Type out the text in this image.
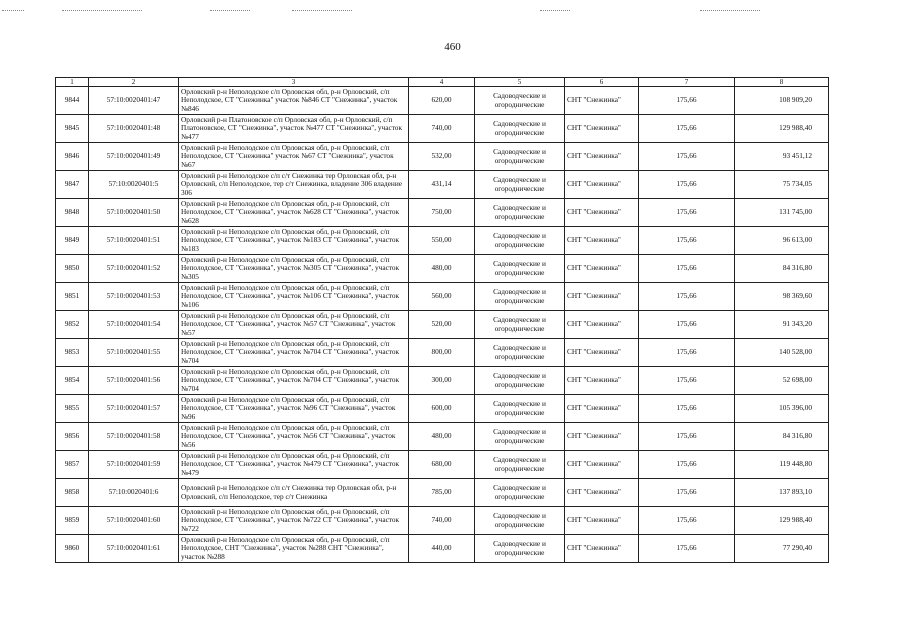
460
1	2	3	4	5	6	7	8
9844	57:10:0020401:47	Орловский р-н Неполодское с/п Орловская обл, р-н Орловский, с/п Неполодское, СТ "Снежинка" участок №846 СТ "Снежинка", участок №846	620,00	Садоводческие и огороднические	СНТ "Снежинка"	175,66	108 909,20
9845	57:10:0020401:48	Орловский р-н Платоновское с/п Орловская обл, р-н Орловский, с/п Платоновское, СТ "Снежинка", участок №477 СТ "Снежинка", участок №477	740,00	Садоводческие и огороднические	СНТ "Снежинка"	175,66	129 988,40
9846	57:10:0020401:49	Орловский р-н Неполодское с/п Орловская обл, р-н Орловский, с/п Неполодское, СТ "Снежинка" участок №67 СТ "Снежинка", участок №67	532,00	Садоводческие и огороднические	СНТ "Снежинка"	175,66	93 451,12
9847	57:10:0020401:5	Орловский р-н Неполодское с/п с/т Снежинка тер Орловская обл, р-н Орловский, с/п Неполодское, тер с/т Снежинка, владение 306 владение 306	431,14	Садоводческие и огороднические	СНТ "Снежинка"	175,66	75 734,05
9848	57:10:0020401:50	Орловский р-н Неполодское с/п Орловская обл, р-н Орловский, с/п Неполодское, СТ "Снежинка", участок №628 СТ "Снежинка", участок №628	750,00	Садоводческие и огороднические	СНТ "Снежинка"	175,66	131 745,00
9849	57:10:0020401:51	Орловский р-н Неполодское с/п Орловская обл, р-н Орловский, с/п Неполодское, СТ "Снежинка", участок №183 СТ "Снежинка", участок №183	550,00	Садоводческие и огороднические	СНТ "Снежинка"	175,66	96 613,00
9850	57:10:0020401:52	Орловский р-н Неполодское с/п Орловская обл, р-н Орловский, с/п Неполодское, СТ "Снежинка", участок №305 СТ "Снежинка", участок №305	480,00	Садоводческие и огороднические	СНТ "Снежинка"	175,66	84 316,80
9851	57:10:0020401:53	Орловский р-н Неполодское с/п Орловская обл, р-н Орловский, с/п Неполодское, СТ "Снежинка", участок №106 СТ "Снежинка", участок №106	560,00	Садоводческие и огороднические	СНТ "Снежинка"	175,66	98 369,60
9852	57:10:0020401:54	Орловский р-н Неполодское с/п Орловская обл, р-н Орловский, с/п Неполодское, СТ "Снежинка", участок №57 СТ "Снежинка", участок №57	520,00	Садоводческие и огороднические	СНТ "Снежинка"	175,66	91 343,20
9853	57:10:0020401:55	Орловский р-н Неполодское с/п Орловская обл, р-н Орловский, с/п Неполодское, СТ "Снежинка", участок №704 СТ "Снежинка", участок №704	800,00	Садоводческие и огороднические	СНТ "Снежинка"	175,66	140 528,00
9854	57:10:0020401:56	Орловский р-н Неполодское с/п Орловская обл, р-н Орловский, с/п Неполодское, СТ "Снежинка", участок №704 СТ "Снежинка", участок №704	300,00	Садоводческие и огороднические	СНТ "Снежинка"	175,66	52 698,00
9855	57:10:0020401:57	Орловский р-н Неполодское с/п Орловская обл, р-н Орловский, с/п Неполодское, СТ "Снежинка", участок №96 СТ "Снежинка", участок №96	600,00	Садоводческие и огороднические	СНТ "Снежинка"	175,66	105 396,00
9856	57:10:0020401:58	Орловский р-н Неполодское с/п Орловская обл, р-н Орловский, с/п Неполодское, СТ "Снежинка", участок №56 СТ "Снежинка", участок №56	480,00	Садоводческие и огороднические	СНТ "Снежинка"	175,66	84 316,80
9857	57:10:0020401:59	Орловский р-н Неполодское с/п Орловская обл, р-н Орловский, с/п Неполодское, СТ "Снежинка", участок №479 СТ "Снежинка", участок №479	680,00	Садоводческие и огороднические	СНТ "Снежинка"	175,66	119 448,80
9858	57:10:0020401:6	Орловский р-н Неполодское с/п с/т Снежинка тер Орловская обл, р-н Орловский, с/п Неполодское, тер с/т Снежинка	785,00	Садоводческие и огороднические	СНТ "Снежинка"	175,66	137 893,10
9859	57:10:0020401:60	Орловский р-н Неполодское с/п Орловская обл, р-н Орловский, с/п Неполодское, СТ "Снежинка", участок №722 СТ "Снежинка", участок №722	740,00	Садоводческие и огороднические	СНТ "Снежинка"	175,66	129 988,40
9860	57:10:0020401:61	Орловский р-н Неполодское с/п Орловская обл, р-н Орловский, с/п Неполодское, СНТ "Снежинка", участок №288 СНТ "Снежинка", участок №288	440,00	Садоводческие и огороднические	СНТ "Снежинка"	175,66	77 290,40
